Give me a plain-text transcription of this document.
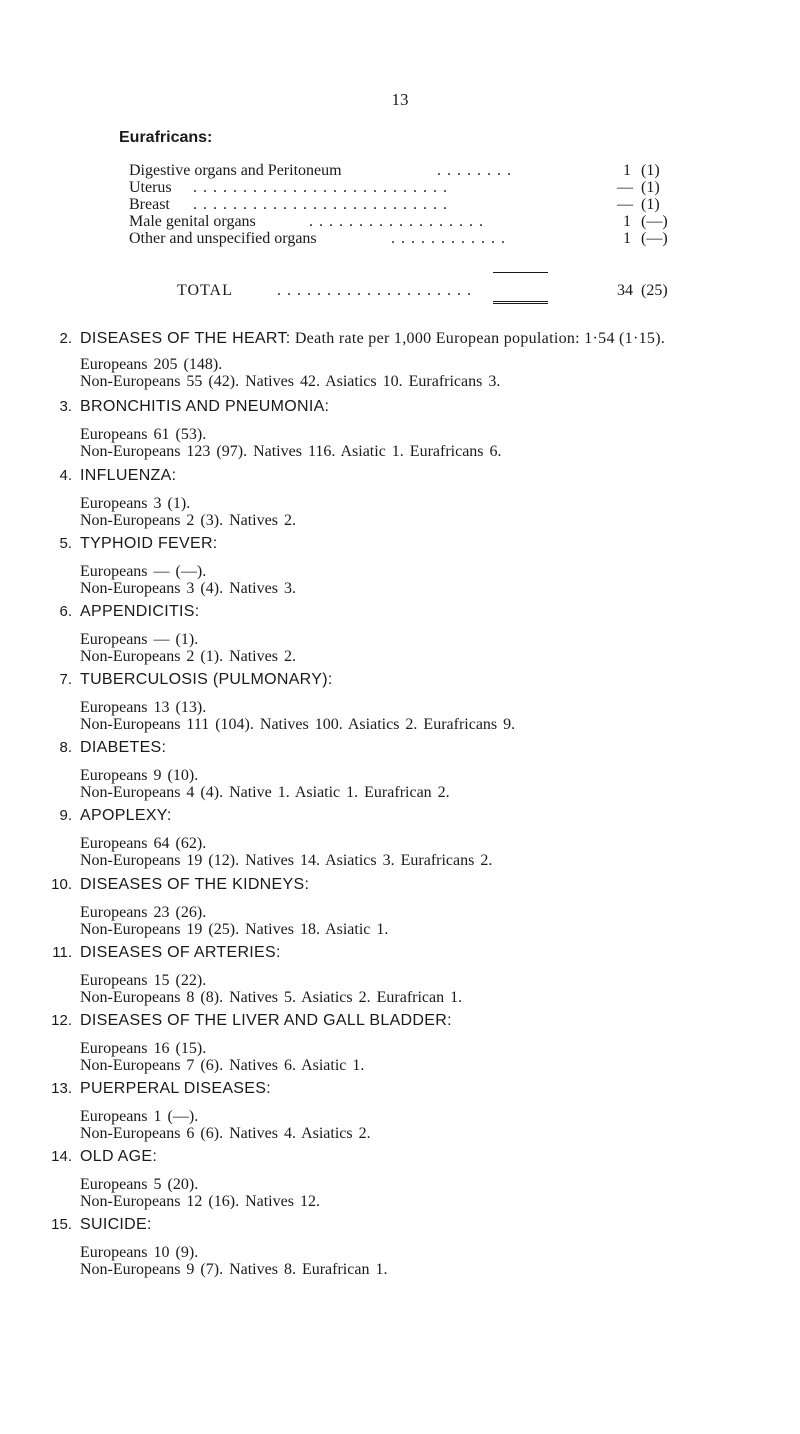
13
Eurafricans:
Digestive organs and Peritoneum	. . . . . . . .	1 (1)
Uterus . . . . . . . . . . . . . . . . . . . . . . . . . .	— (1)
Breast . . . . . . . . . . . . . . . . . . . . . . . . . .	— (1)
Male genital organs	. . . . . . . . . . . . . . . . . .	1 (—)
Other and unspecified organs	. . . . . . . . . . . .	1 (—)
TOTAL	. . . . . . . . . . . . . . . . . . . .	34 (25)
2. DISEASES OF THE HEART: Death rate per 1,000 European population: 1·54 (1·15).
Europeans 205 (148).
Non-Europeans 55 (42). Natives 42. Asiatics 10. Eurafricans 3.
3. BRONCHITIS AND PNEUMONIA:
Europeans 61 (53).
Non-Europeans 123 (97). Natives 116. Asiatic 1. Eurafricans 6.
4. INFLUENZA:
Europeans 3 (1).
Non-Europeans 2 (3). Natives 2.
5. TYPHOID FEVER:
Europeans — (—).
Non-Europeans 3 (4). Natives 3.
6. APPENDICITIS:
Europeans — (1).
Non-Europeans 2 (1). Natives 2.
7. TUBERCULOSIS (PULMONARY):
Europeans 13 (13).
Non-Europeans 111 (104). Natives 100. Asiatics 2. Eurafricans 9.
8. DIABETES:
Europeans 9 (10).
Non-Europeans 4 (4). Native 1. Asiatic 1. Eurafrican 2.
9. APOPLEXY:
Europeans 64 (62).
Non-Europeans 19 (12). Natives 14. Asiatics 3. Eurafricans 2.
10. DISEASES OF THE KIDNEYS:
Europeans 23 (26).
Non-Europeans 19 (25). Natives 18. Asiatic 1.
11. DISEASES OF ARTERIES:
Europeans 15 (22).
Non-Europeans 8 (8). Natives 5. Asiatics 2. Eurafrican 1.
12. DISEASES OF THE LIVER AND GALL BLADDER:
Europeans 16 (15).
Non-Europeans 7 (6). Natives 6. Asiatic 1.
13. PUERPERAL DISEASES:
Europeans 1 (—).
Non-Europeans 6 (6). Natives 4. Asiatics 2.
14. OLD AGE:
Europeans 5 (20).
Non-Europeans 12 (16). Natives 12.
15. SUICIDE:
Europeans 10 (9).
Non-Europeans 9 (7). Natives 8. Eurafrican 1.
